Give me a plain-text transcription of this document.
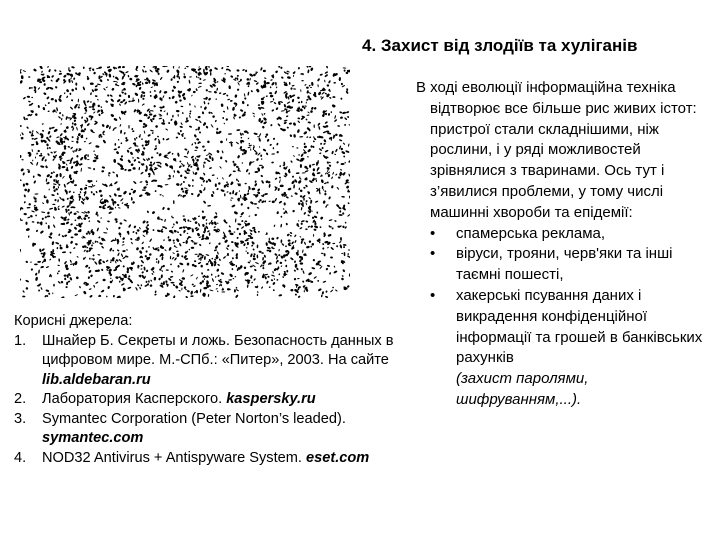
4. Захист від злодіїв та хуліганів

Корисні джерела:

1. Шнайер Б. Секреты и ложь. Безопасность данных в цифровом мире. М.-СПб.: «Питер», 2003. На сайте lib.aldebaran.ru
2. Лаборатория Касперского. kaspersky.ru
3. Symantec Corporation (Peter Norton’s leaded). symantec.com
4. NOD32 Antivirus + Antispyware System. eset.com

В ході еволюції інформаційна техніка відтворює все більше рис живих істот: пристрої стали складнішими, ніж рослини, і у ряді можливостей зрівнялися з тваринами. Ось тут і з’явилися проблеми, у тому числі машинні хвороби та епідемії:

• спамерська реклама,
• віруси, трояни, черв'яки та інші таємні пошесті,
• хакерські псування даних і викрадення конфіденційної інформації та грошей в банківських рахунків
(захист паролями, шифруванням,...).
